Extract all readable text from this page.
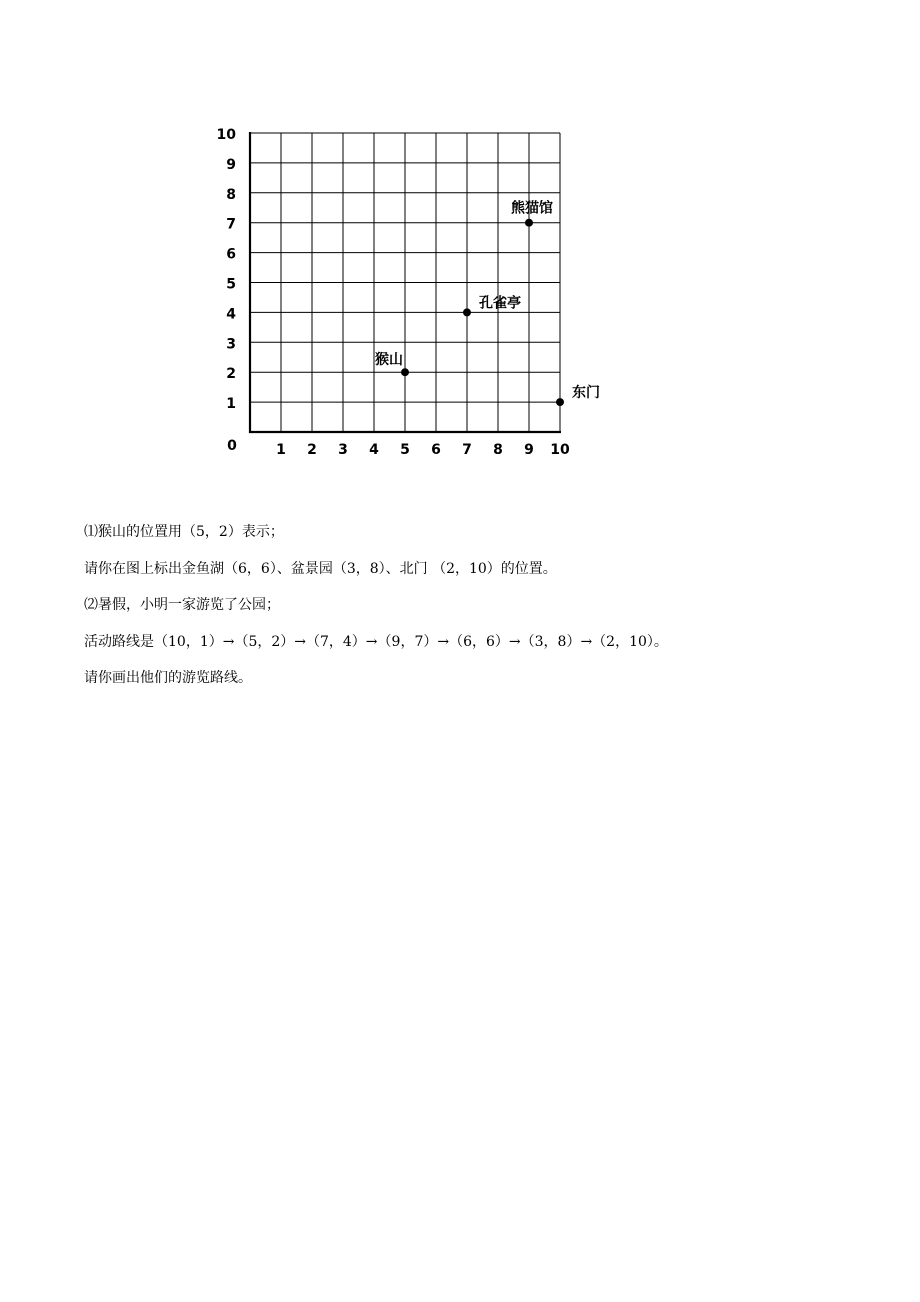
1 2 3 4 5 6 7 8 9 10
1
2
3
4
5
6
7
8
9
10
0
猴山
孔雀亭
熊猫馆
东门
⑴猴山的位置用（5，2）表示；
请你在图上标出金鱼湖（6，6）、盆景园（3，8）、北门 （2，10）的位置。
⑵暑假，小明一家游览了公园；
活动路线是（10，1）→（5，2）→（7，4）→（9，7）→（6，6）→（3，8）→（2，10）。
请你画出他们的游览路线。
